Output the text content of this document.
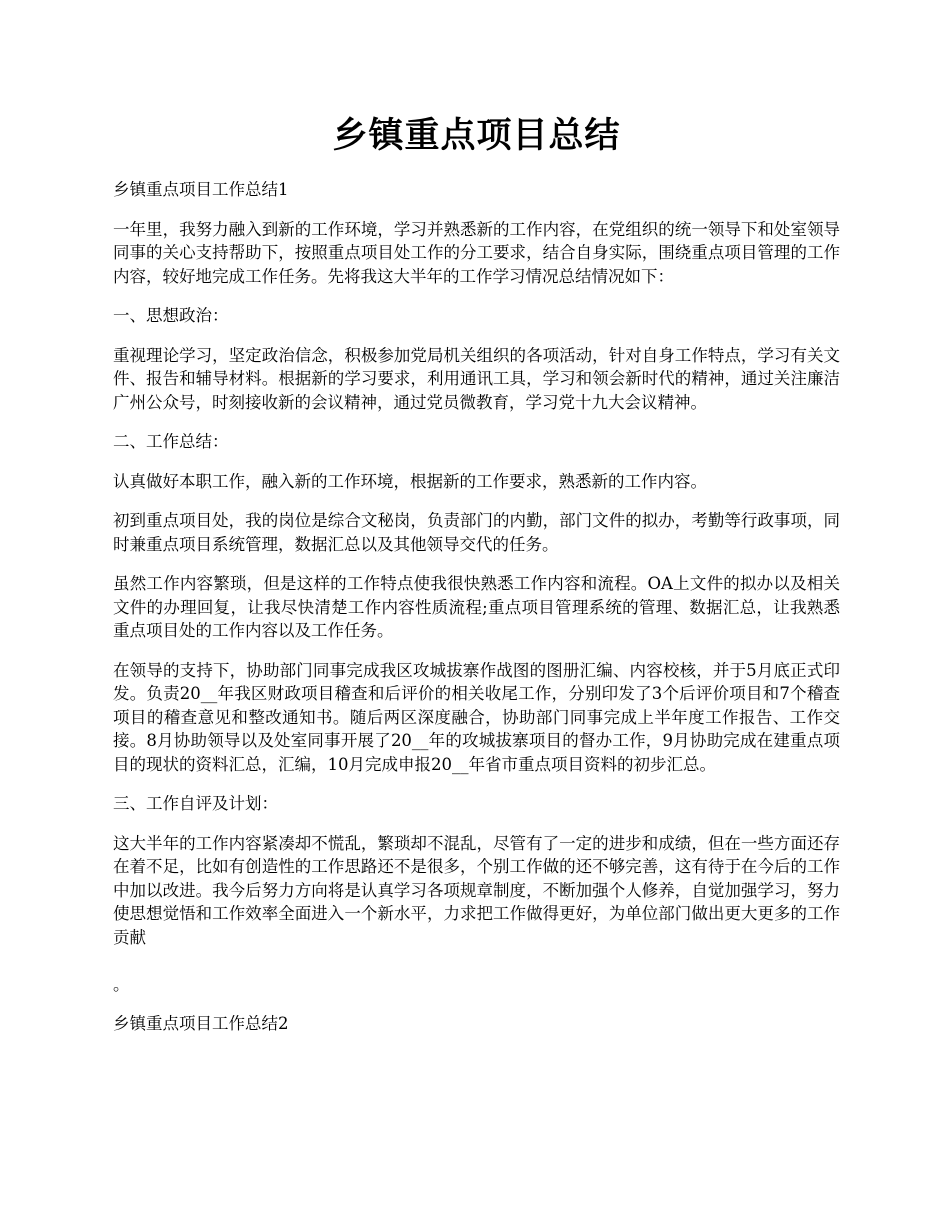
乡镇重点项目总结

乡镇重点项目工作总结1

一年里，我努力融入到新的工作环境，学习并熟悉新的工作内容，在党组织的统一领导下和处室领导同事的关心支持帮助下，按照重点项目处工作的分工要求，结合自身实际，围绕重点项目管理的工作内容，较好地完成工作任务。先将我这大半年的工作学习情况总结情况如下：

一、思想政治：

重视理论学习，坚定政治信念，积极参加党局机关组织的各项活动，针对自身工作特点，学习有关文件、报告和辅导材料。根据新的学习要求，利用通讯工具，学习和领会新时代的精神，通过关注廉洁广州公众号，时刻接收新的会议精神，通过党员微教育，学习党十九大会议精神。

二、工作总结：

认真做好本职工作，融入新的工作环境，根据新的工作要求，熟悉新的工作内容。

初到重点项目处，我的岗位是综合文秘岗，负责部门的内勤，部门文件的拟办，考勤等行政事项，同时兼重点项目系统管理，数据汇总以及其他领导交代的任务。

虽然工作内容繁琐，但是这样的工作特点使我很快熟悉工作内容和流程。OA上文件的拟办以及相关文件的办理回复，让我尽快清楚工作内容性质流程;重点项目管理系统的管理、数据汇总，让我熟悉重点项目处的工作内容以及工作任务。

在领导的支持下，协助部门同事完成我区攻城拔寨作战图的图册汇编、内容校核，并于5月底正式印发。负责20__年我区财政项目稽查和后评价的相关收尾工作，分别印发了3个后评价项目和7个稽查项目的稽查意见和整改通知书。随后两区深度融合，协助部门同事完成上半年度工作报告、工作交接。8月协助领导以及处室同事开展了20__年的攻城拔寨项目的督办工作，9月协助完成在建重点项目的现状的资料汇总，汇编，10月完成申报20__年省市重点项目资料的初步汇总。

三、工作自评及计划：

这大半年的工作内容紧凑却不慌乱，繁琐却不混乱，尽管有了一定的进步和成绩，但在一些方面还存在着不足，比如有创造性的工作思路还不是很多，个别工作做的还不够完善，这有待于在今后的工作中加以改进。我今后努力方向将是认真学习各项规章制度，不断加强个人修养，自觉加强学习，努力使思想觉悟和工作效率全面进入一个新水平，力求把工作做得更好，为单位部门做出更大更多的工作贡献

。

乡镇重点项目工作总结2
